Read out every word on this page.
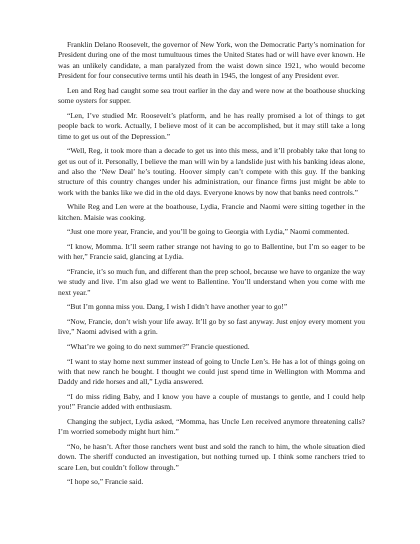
Franklin Delano Roosevelt, the governor of New York, won the Democratic Party’s nomination for President during one of the most tumultuous times the United States had or will have ever known. He was an unlikely candidate, a man paralyzed from the waist down since 1921, who would become President for four consecutive terms until his death in 1945, the longest of any President ever.

Len and Reg had caught some sea trout earlier in the day and were now at the boathouse shucking some oysters for supper.

“Len, I’ve studied Mr. Roosevelt’s platform, and he has really promised a lot of things to get people back to work. Actually, I believe most of it can be accomplished, but it may still take a long time to get us out of the Depression.”

“Well, Reg, it took more than a decade to get us into this mess, and it’ll probably take that long to get us out of it. Personally, I believe the man will win by a landslide just with his banking ideas alone, and also the ‘New Deal’ he’s touting. Hoover simply can’t compete with this guy. If the banking structure of this country changes under his administration, our finance firms just might be able to work with the banks like we did in the old days. Everyone knows by now that banks need controls.”

While Reg and Len were at the boathouse, Lydia, Francie and Naomi were sitting together in the kitchen. Maisie was cooking.

“Just one more year, Francie, and you’ll be going to Georgia with Lydia,” Naomi commented.

“I know, Momma. It’ll seem rather strange not having to go to Ballentine, but I’m so eager to be with her,” Francie said, glancing at Lydia.

“Francie, it’s so much fun, and different than the prep school, because we have to organize the way we study and live. I’m also glad we went to Ballentine. You’ll understand when you come with me next year.”

“But I’m gonna miss you. Dang, I wish I didn’t have another year to go!”

“Now, Francie, don’t wish your life away. It’ll go by so fast anyway. Just enjoy every moment you live,” Naomi advised with a grin.

“What’re we going to do next summer?” Francie questioned.

“I want to stay home next summer instead of going to Uncle Len’s. He has a lot of things going on with that new ranch he bought. I thought we could just spend time in Wellington with Momma and Daddy and ride horses and all,” Lydia answered.

“I do miss riding Baby, and I know you have a couple of mustangs to gentle, and I could help you!” Francie added with enthusiasm.

Changing the subject, Lydia asked, “Momma, has Uncle Len received anymore threatening calls? I’m worried somebody might hurt him.”

“No, he hasn’t. After those ranchers went bust and sold the ranch to him, the whole situation died down. The sheriff conducted an investigation, but nothing turned up. I think some ranchers tried to scare Len, but couldn’t follow through.”

“I hope so,” Francie said.
